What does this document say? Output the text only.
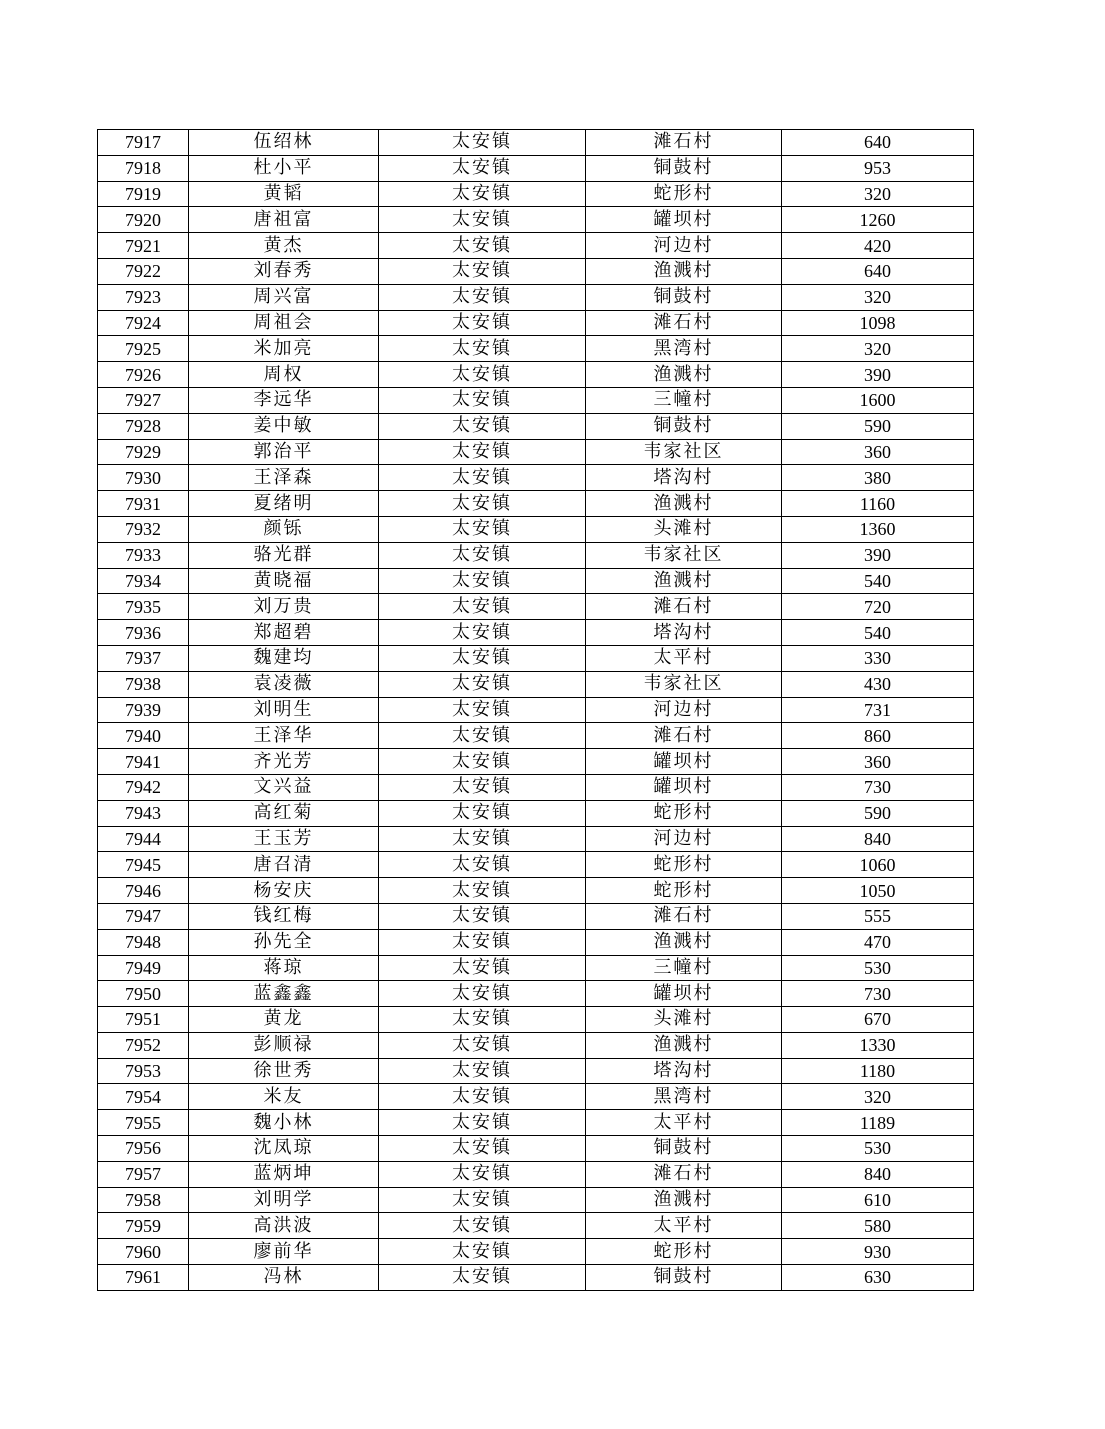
7917	伍绍林	太安镇	滩石村	640
7918	杜小平	太安镇	铜鼓村	953
7919	黄韬	太安镇	蛇形村	320
7920	唐祖富	太安镇	罐坝村	1260
7921	黄杰	太安镇	河边村	420
7922	刘春秀	太安镇	渔溅村	640
7923	周兴富	太安镇	铜鼓村	320
7924	周祖会	太安镇	滩石村	1098
7925	米加亮	太安镇	黑湾村	320
7926	周权	太安镇	渔溅村	390
7927	李远华	太安镇	三幢村	1600
7928	姜中敏	太安镇	铜鼓村	590
7929	郭治平	太安镇	韦家社区	360
7930	王泽森	太安镇	塔沟村	380
7931	夏绪明	太安镇	渔溅村	1160
7932	颜铄	太安镇	头滩村	1360
7933	骆光群	太安镇	韦家社区	390
7934	黄晓福	太安镇	渔溅村	540
7935	刘万贵	太安镇	滩石村	720
7936	郑超碧	太安镇	塔沟村	540
7937	魏建均	太安镇	太平村	330
7938	袁凌薇	太安镇	韦家社区	430
7939	刘明生	太安镇	河边村	731
7940	王泽华	太安镇	滩石村	860
7941	齐光芳	太安镇	罐坝村	360
7942	文兴益	太安镇	罐坝村	730
7943	高红菊	太安镇	蛇形村	590
7944	王玉芳	太安镇	河边村	840
7945	唐召清	太安镇	蛇形村	1060
7946	杨安庆	太安镇	蛇形村	1050
7947	钱红梅	太安镇	滩石村	555
7948	孙先全	太安镇	渔溅村	470
7949	蒋琼	太安镇	三幢村	530
7950	蓝鑫鑫	太安镇	罐坝村	730
7951	黄龙	太安镇	头滩村	670
7952	彭顺禄	太安镇	渔溅村	1330
7953	徐世秀	太安镇	塔沟村	1180
7954	米友	太安镇	黑湾村	320
7955	魏小林	太安镇	太平村	1189
7956	沈凤琼	太安镇	铜鼓村	530
7957	蓝炳坤	太安镇	滩石村	840
7958	刘明学	太安镇	渔溅村	610
7959	高洪波	太安镇	太平村	580
7960	廖前华	太安镇	蛇形村	930
7961	冯林	太安镇	铜鼓村	630
